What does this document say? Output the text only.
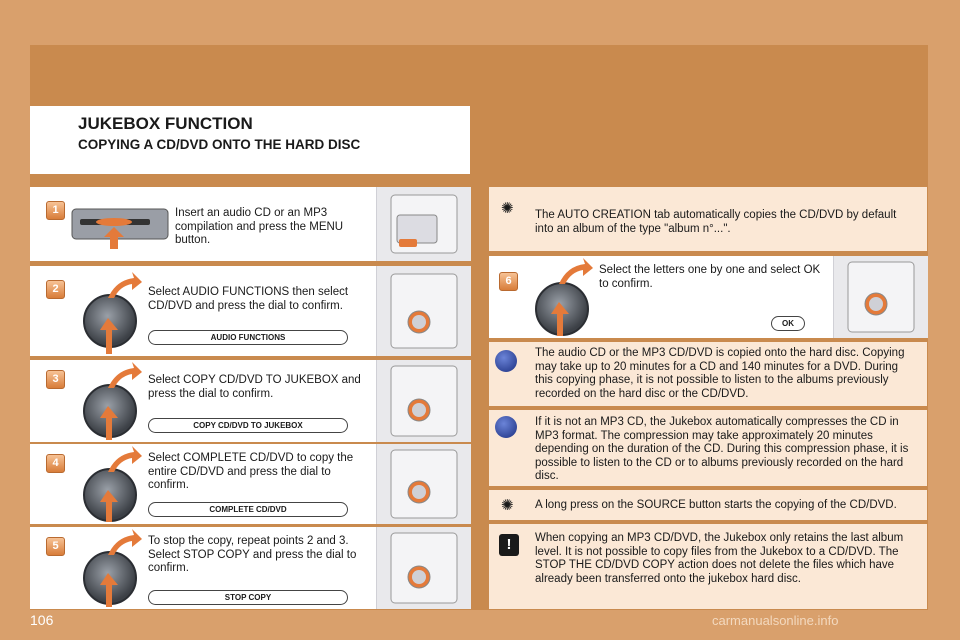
JUKEBOX FUNCTION
COPYING A CD/DVD ONTO THE HARD DISC
1	Insert an audio CD or an MP3 compilation and press the MENU button.
2	Select AUDIO FUNCTIONS then select CD/DVD and press the dial to confirm.
AUDIO FUNCTIONS
3	Select COPY CD/DVD TO JUKEBOX and press the dial to confirm.
COPY CD/DVD TO JUKEBOX
4	Select COMPLETE CD/DVD to copy the entire CD/DVD and press the dial to confirm.
COMPLETE CD/DVD
5	To stop the copy, repeat points 2 and 3. Select STOP COPY and press the dial to confirm.
STOP COPY
✺ The AUTO CREATION tab automatically copies the CD/DVD by default into an album of the type "album n°...".
6
Select the letters one by one and select OK to confirm.
OK
The audio CD or the MP3 CD/DVD is copied onto the hard disc. Copying may take up to 20 minutes for a CD and 140 minutes for a DVD. During this copying phase, it is not possible to listen to the albums previously recorded on the hard disc or the CD/DVD.
If it is not an MP3 CD, the Jukebox automatically compresses the CD in MP3 format. The compression may take approximately 20 minutes depending on the duration of the CD. During this compression phase, it is possible to listen to the CD or to albums previously recorded on the hard disc.
✺ A long press on the SOURCE button starts the copying of the CD/DVD.
!	When copying an MP3 CD/DVD, the Jukebox only retains the last album level. It is not possible to copy files from the Jukebox to a CD/DVD. The STOP THE CD/DVD COPY action does not delete the files which have already been transferred onto the jukebox hard disc.
106	carmanualsonline.info
